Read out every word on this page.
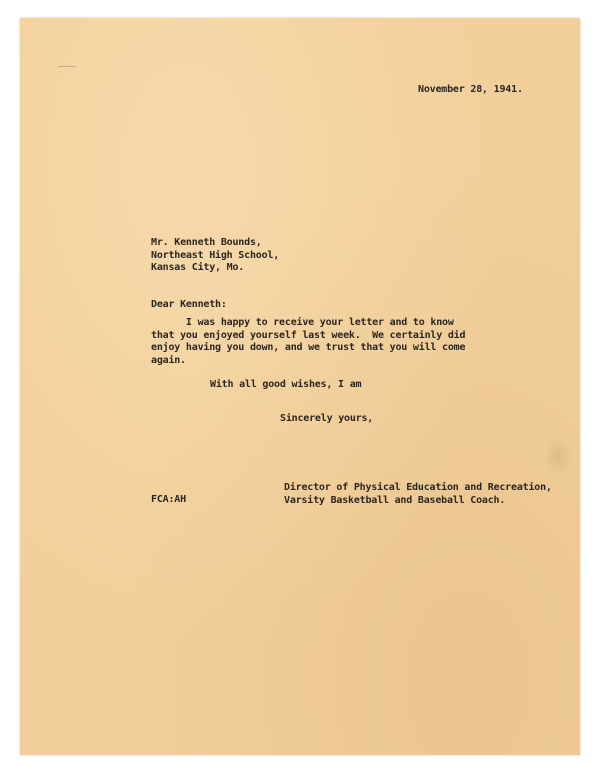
November 28, 1941.
Mr. Kenneth Bounds,
Northeast High School,
Kansas City, Mo.
Dear Kenneth:
I was happy to receive your letter and to know
that you enjoyed yourself last week.  We certainly did
enjoy having you down, and we trust that you will come
again.
With all good wishes, I am
Sincerely yours,
Director of Physical Education and Recreation,
Varsity Basketball and Baseball Coach.
FCA:AH
